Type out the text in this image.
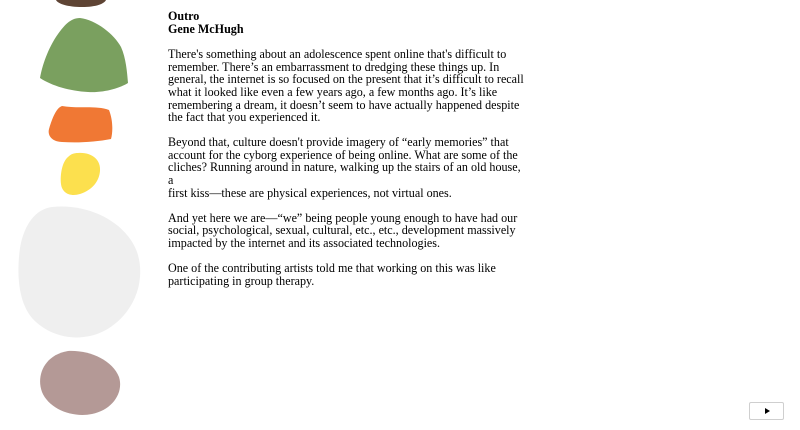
Outro
Gene McHugh

There's something about an adolescence spent online that's difficult to
remember. There’s an embarrassment to dredging these things up. In
general, the internet is so focused on the present that it’s difficult to recall
what it looked like even a few years ago, a few months ago. It’s like
remembering a dream, it doesn’t seem to have actually happened despite
the fact that you experienced it.

Beyond that, culture doesn't provide imagery of “early memories” that
account for the cyborg experience of being online. What are some of the
cliches? Running around in nature, walking up the stairs of an old house, a
first kiss—these are physical experiences, not virtual ones.

And yet here we are—“we” being people young enough to have had our
social, psychological, sexual, cultural, etc., etc., development massively
impacted by the internet and its associated technologies.

One of the contributing artists told me that working on this was like
participating in group therapy.
